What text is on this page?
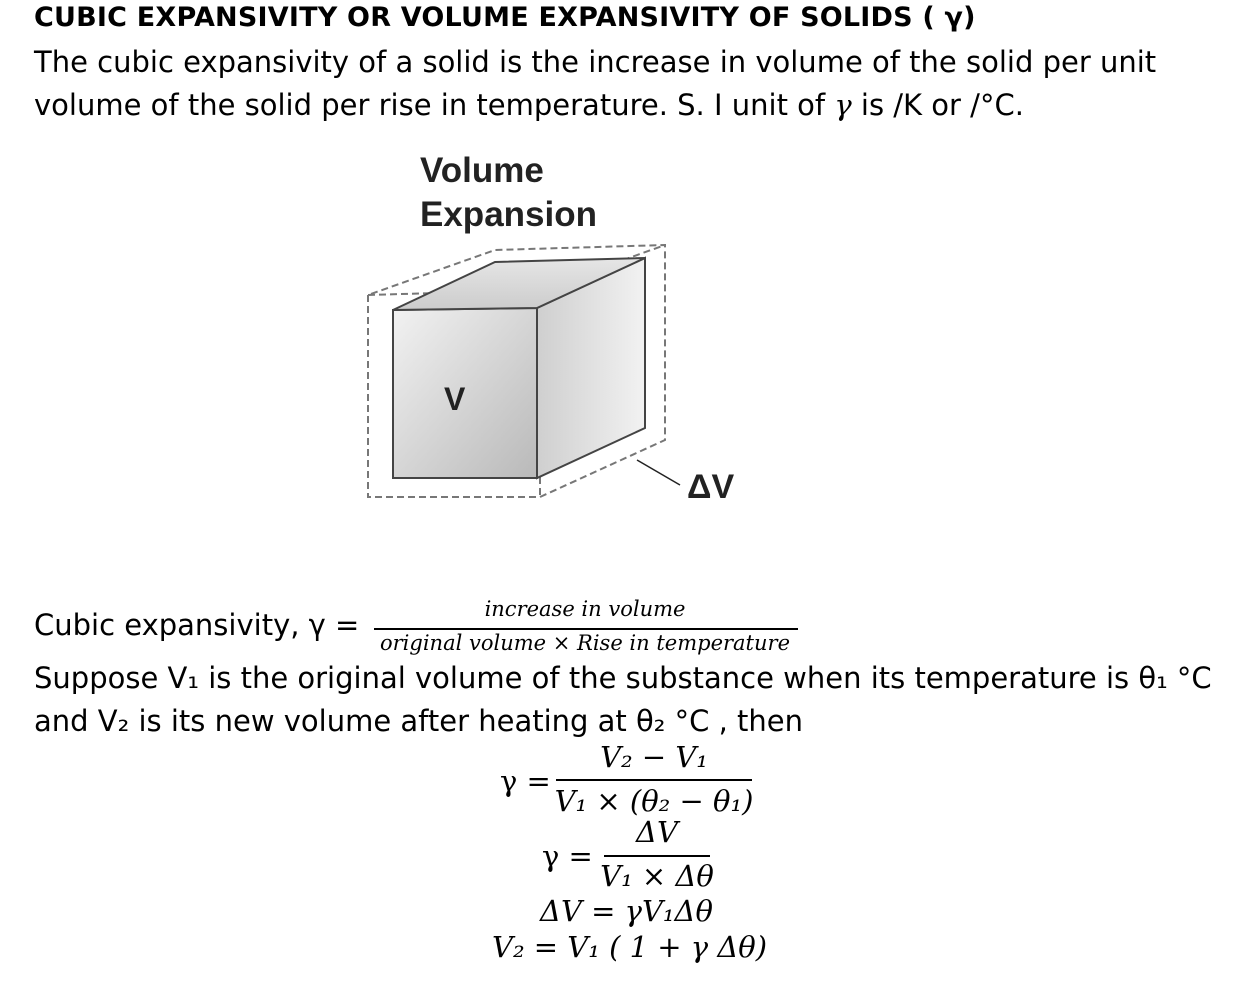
CUBIC EXPANSIVITY OR VOLUME EXPANSIVITY OF SOLIDS ( γ)
The cubic expansivity of a solid is the increase in volume of the solid per unit
volume of the solid per rise in temperature. S. I unit of γ is /K or /°C.
Volume
Expansion
V
ΔV
Cubic expansivity, γ =	increase in volume
original volume × Rise in temperature
Suppose V₁ is the original volume of the substance when its temperature is θ₁ °C
and V₂ is its new volume after heating at θ₂ °C , then
γ =
V₂ − V₁
V₁ × (θ₂ − θ₁)
γ =
ΔV
V₁ × Δθ
ΔV = γV₁Δθ
V₂ = V₁ ( 1 + γ Δθ)
